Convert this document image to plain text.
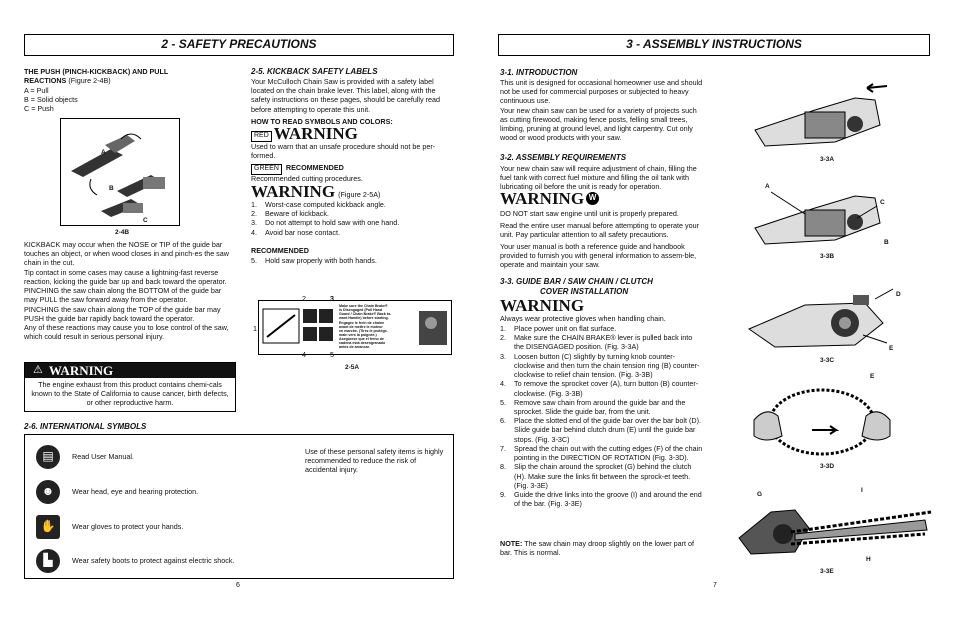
2 - SAFETY PRECAUTIONS
THE PUSH (PINCH-KICKBACK) AND PULL
REACTIONS (Figure 2-4B)
A = Pull
B = Solid objects
C = Push
A
B
C
2-4B
KICKBACK may occur when the NOSE or TIP of the guide bar touches an object, or when wood closes in and pinch-es the saw chain in the cut.
Tip contact in some cases may cause a lightning-fast reverse reaction, kicking the guide bar up and back toward the operator.
PINCHING the saw chain along the BOTTOM of the guide bar may PULL the saw forward away from the operator.
PINCHING the saw chain along the TOP of the guide bar may PUSH the guide bar rapidly back toward the operator.
Any of these reactions may cause you to lose control of the saw, which could result in serious personal injury.
⚠ WARNING
The engine exhaust from this product contains chemi-cals known to the State of California to cause cancer, birth defects, or other reproductive harm.
2-5. KICKBACK SAFETY LABELS
Your McCulloch Chain Saw is provided with a safety label located on the chain brake lever. This label, along with the safety instructions on these pages, should be carefully read before attempting to operate this unit.
HOW TO READ SYMBOLS AND COLORS:
RED WARNING
Used to warn that an unsafe procedure should not be per-formed.
GREEN RECOMMENDED
Recommended cutting procedures.
WARNING (Figure 2-5A)
1.	Worst-case computed kickback angle.
2.	Beware of kickback.
3.	Do not attempt to hold saw with one hand.
4.	Avoid bar nose contact.
RECOMMENDED
5.	Hold saw properly with both hands.
Make sure the Chain Brake®
is Disengaged (Pull Hand
Guard / Chain Brake® Back to-
ward Handle) before starting.
Engagez le frein de chaîne
avant de mettre le moteur
en marche. (Tirez le protège-
main vers la poignée.)
Asegúrese que el freno de
cadena está desengranado
antes de arrancar.
2	3
1
4	5
2-5A
2-6. INTERNATIONAL SYMBOLS
▤	Read User Manual.
☻	Wear head, eye and hearing protection.
✋	Wear gloves to protect your hands.
▙	Wear safety boots to protect against electric shock.
Use of these personal safety items is highly recommended to reduce the risk of accidental injury.
6
3 - ASSEMBLY INSTRUCTIONS
3-1. INTRODUCTION
This unit is designed for occasional homeowner use and should not be used for commercial purposes or subjected to heavy continuous use.
Your new chain saw can be used for a variety of projects such as cutting firewood, making fence posts, felling small trees, limbing, pruning at ground level, and light carpentry. Cut only wood or wood products with your saw.
3-2. ASSEMBLY REQUIREMENTS
Your new chain saw will require adjustment of chain, filling the fuel tank with correct fuel mixture and filling the oil tank with lubricating oil before the unit is ready for operation.
WARNING W
DO NOT start saw engine until unit is properly prepared.
Read the entire user manual before attempting to operate your unit. Pay particular attention to all safety precautions.
Your user manual is both a reference guide and handbook provided to furnish you with general information to assem-ble, operate and maintain your saw.
3-3. GUIDE BAR / SAW CHAIN / CLUTCH
COVER INSTALLATION
WARNING
Always wear protective gloves when handling chain.
1.	Place power unit on flat surface.
2.	Make sure the CHAIN BRAKE® lever is pulled back into the DISENGAGED position. (Fig. 3-3A)
3.	Loosen button (C) slightly by turning knob counter-clockwise and then turn the chain tension ring (B) counter-clockwise to relief chain tension. (Fig. 3-3B)
4.	To remove the sprocket cover (A), turn button (B) counter-clockwise. (Fig. 3-3B)
5.	Remove saw chain from around the guide bar and the sprocket. Slide the guide bar, from the unit.
6.	Place the slotted end of the guide bar over the bar bolt (D). Slide guide bar behind clutch drum (E) until the guide bar stops. (Fig. 3-3C)
7.	Spread the chain out with the cutting edges (F) of the chain pointing in the DIRECTION OF ROTATION (Fig. 3-3D).
8.	Slip the chain around the sprocket (G) behind the clutch (H). Make sure the links fit between the sprock-et teeth. (Fig. 3-3E)
9.	Guide the drive links into the groove (I) and around the end of the bar. (Fig. 3-3E)
NOTE: The saw chain may droop slightly on the lower part of bar. This is normal.
3-3A
A
C
B
3-3B
D
E
3-3C
E
3-3D
G
I
H
3-3E
7
